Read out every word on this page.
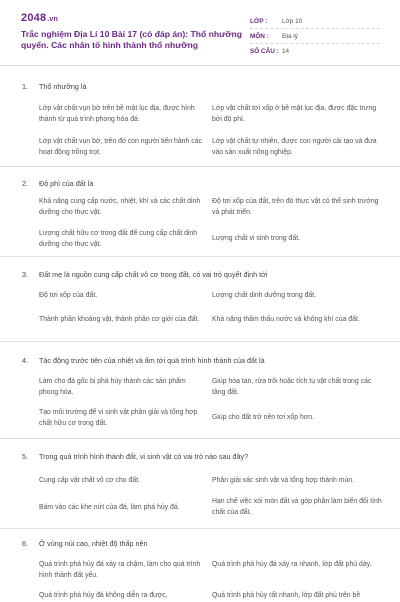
2048.vn
Trắc nghiệm Địa Lí 10 Bài 17 (có đáp án): Thổ nhưỡng quyển. Các nhân tố hình thành thổ nhưỡng
LỚP :	Lớp 10
MÔN :	Địa lý
SỐ CÂU : 14
1.	Thổ nhưỡng là
Lớp vật chất vụn bở trên bề mặt lục địa, được hình thành từ quá trình phong hóa đá.
Lớp vật chất tơi xốp ở bề mặt lục địa, được đặc trưng bởi độ phì.
Lớp vật chất vụn bở, trên đó con người tiến hành các hoạt động trồng trọt.
Lớp vật chất tự nhiên, được con người cải tạo và đưa vào sản xuất nông nghiệp.
2.	Độ phì của đất là
Khả năng cung cấp nước, nhiệt, khí và các chất dinh dưỡng cho thực vật.
Độ tơi xốp của đất, trên đó thực vật có thể sinh trưởng và phát triển.
Lượng chất hữu cơ trong đất để cung cấp chất dinh dưỡng cho thực vật.
Lượng chất vi sinh trong đất.
3.	Đất mẹ là nguồn cung cấp chất vô cơ trong đất, có vai trò quyết định tới
Độ tơi xốp của đất.	Lượng chất dinh dưỡng trong đất.
Thành phần khoáng vật, thành phần cơ giới của đất.	Khả năng thấm thấu nước và không khí của đất.
4.	Tác động trước tiên của nhiệt và ẩm tới quá trình hình thành của đất là
Làm cho đá gốc bị phá hủy thành các sản phẩm phong hóa.
Giúp hòa tan, rửa trôi hoặc tích tụ vật chất trong các tầng đất.
Tạo môi trường để vi sinh vật phân giải và tổng hợp chất hữu cơ trong đất.
Giúp cho đất trở nên tơi xốp hơn.
5.	Trong quá trình hình thành đất, vi sinh vật có vai trò nào sau đây?
Cung cấp vật chất vô cơ cho đất.	Phân giải xác sinh vật và tổng hợp thành mùn.
Bám vào các khe nứt của đá, làm phá hủy đá.
Hạn chế việc xói mòn đất và góp phần làm biến đổi tính chất của đất.
6.	Ở vùng núi cao, nhiệt độ thấp nên
Quá trình phá hủy đá xảy ra chậm, làm cho quá trình hình thành đất yếu.
Quá trình phá hủy đá xảy ra nhanh, lớp đất phủ dày.
Quá trình phá hủy đá không diễn ra được,	Quá trình phá hủy rất nhanh, lớp đất phủ trên bề
